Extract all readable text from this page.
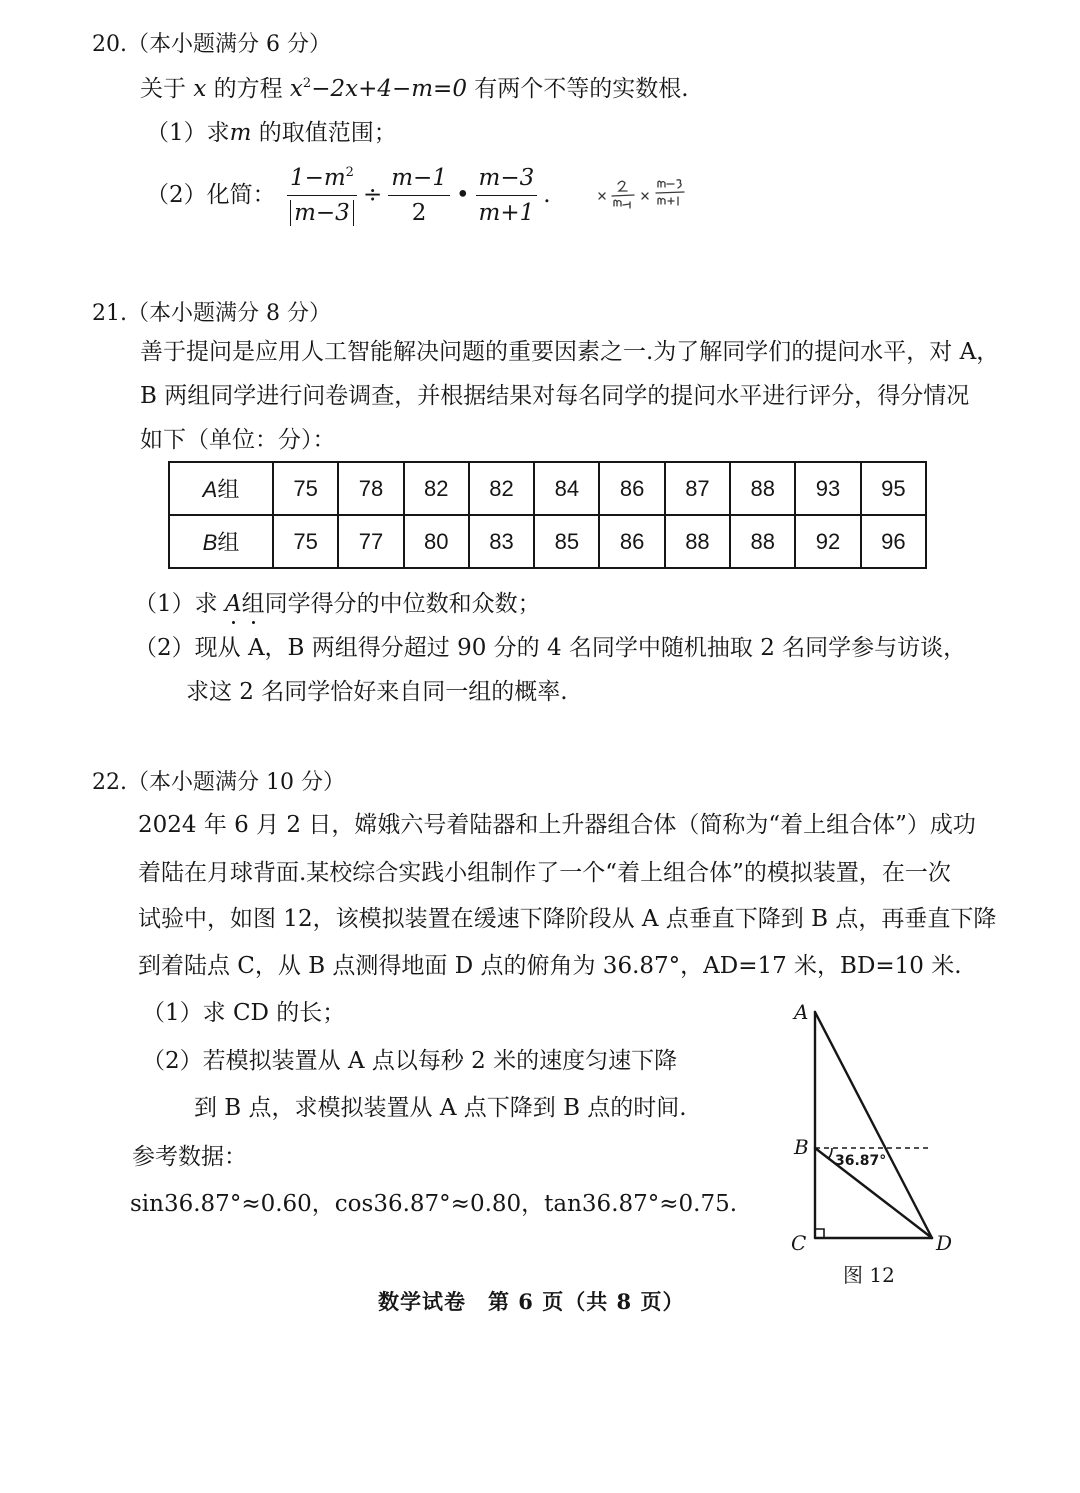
20.（本小题满分 6 分）
关于 x 的方程 $x^2-2x+4-m=0$ 有两个不等的实数根.
（1）求m 的取值范围；
（2）化简： $\frac{1-m^2}{m-3} \div \frac{m-1}{2}$ • $\frac{m-3}{m+1}$ .
21.（本小题满分 8 分）
善于提问是应用人工智能解决问题的重要因素之一.为了解同学们的提问水平，对 A，
B 两组同学进行问卷调查，并根据结果对每名同学的提问水平进行评分，得分情况
如下（单位：分）：
A组	75	78	82	82	84	86	87	88	93	95
B组	75	77	80	83	85	86	88	88	92	96
（1）求 A组同学得分的中位数和众数；
（2）现从 A，B 两组得分超过 90 分的 4 名同学中随机抽取 2 名同学参与访谈，
求这 2 名同学恰好来自同一组的概率.
22.（本小题满分 10 分）
2024 年 6 月 2 日，嫦娥六号着陆器和上升器组合体（简称为“着上组合体”）成功
着陆在月球背面.某校综合实践小组制作了一个“着上组合体”的模拟装置，在一次
试验中，如图 12，该模拟装置在缓速下降阶段从 A 点垂直下降到 B 点，再垂直下降
到着陆点 C，从 B 点测得地面 D 点的俯角为 36.87°，AD=17 米，BD=10 米.
（1）求 CD 的长；
（2）若模拟装置从 A 点以每秒 2 米的速度匀速下降
到 B 点，求模拟装置从 A 点下降到 B 点的时间.
参考数据：
sin36.87°≈0.60，cos36.87°≈0.80，tan36.87°≈0.75.
A
B
C	D
36.87°
图 12
数学试卷　第 6 页（共 8 页）
